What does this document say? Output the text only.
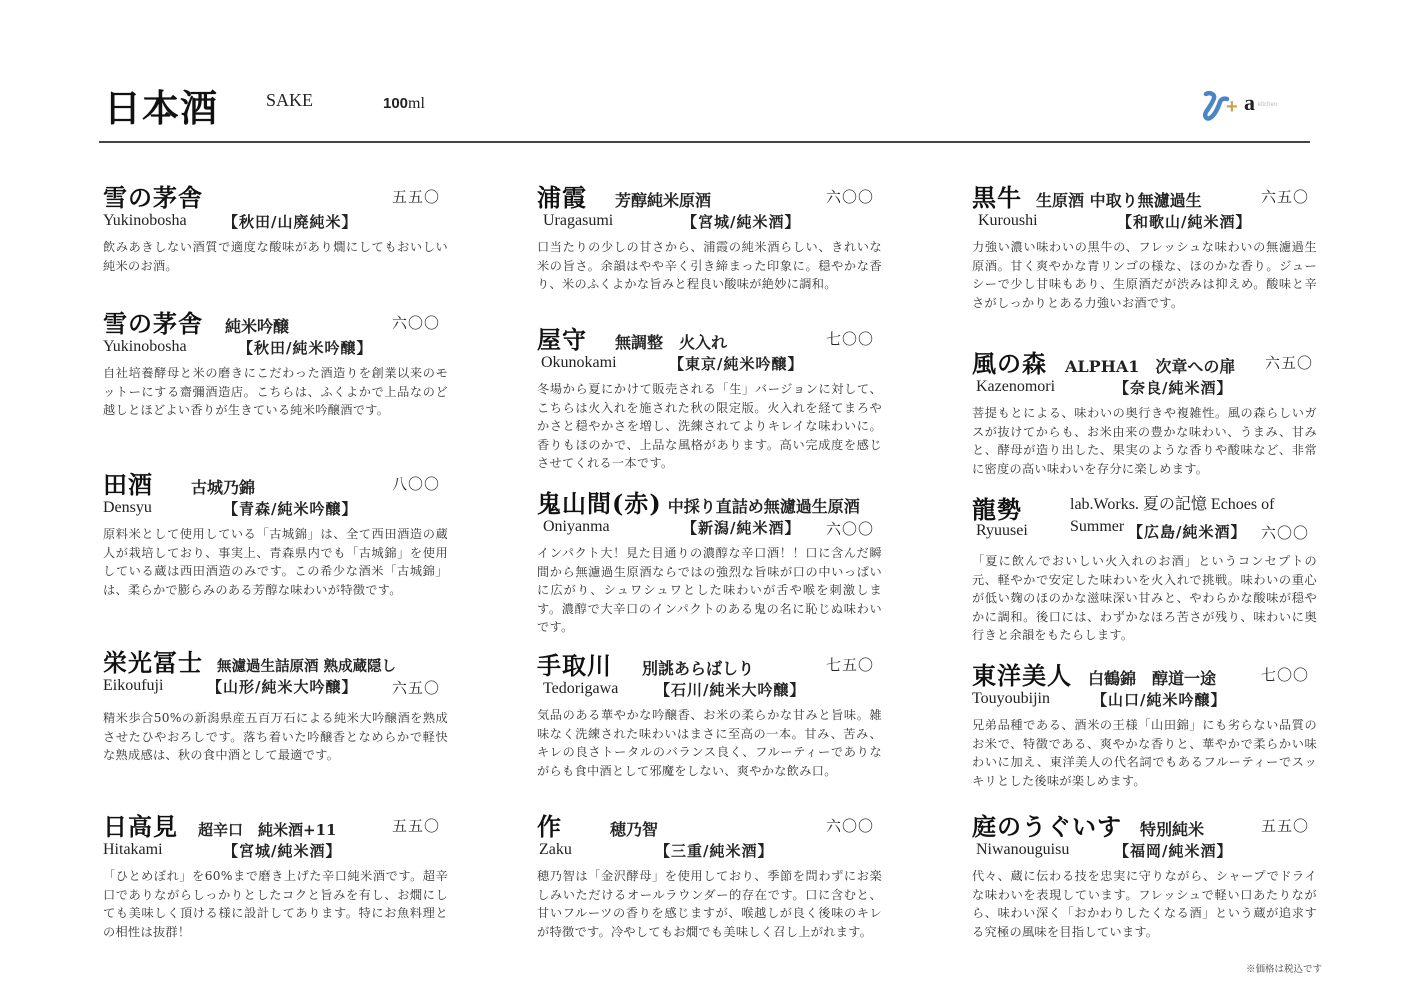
日本酒	SAKE	100ml	+ a kitchen
雪の茅舎	五五〇
Yukinobosha 【秋田/山廃純米】
飲みあきしない酒質で適度な酸味があり燗にしてもおいしい純米のお酒。
雪の茅舎 純米吟醸	六〇〇
Yukinobosha	【秋田/純米吟醸】
自社培養酵母と米の磨きにこだわった酒造りを創業以来のモットーにする齋彌酒造店。こちらは、ふくよかで上品なのど越しとほどよい香りが生きている純米吟醸酒です。
田酒 古城乃錦	八〇〇
Densyu	【青森/純米吟醸】
原料米として使用している「古城錦」は、全て西田酒造の蔵人が栽培しており、事実上、青森県内でも「古城錦」を使用している蔵は西田酒造のみです。この希少な酒米「古城錦」は、柔らかで膨らみのある芳醇な味わいが特徴です。
栄光冨士 無濾過生詰原酒 熟成蔵隠し
Eikoufuji	【山形/純米大吟醸】 六五〇
精米歩合50%の新潟県産五百万石による純米大吟醸酒を熟成させたひやおろしです。落ち着いた吟醸香となめらかで軽快な熟成感は、秋の食中酒として最適です。
日高見 超辛口　純米酒+11	五五〇
Hitakami	【宮城/純米酒】
「ひとめぼれ」を60%まで磨き上げた辛口純米酒です。超辛口でありながらしっかりとしたコクと旨みを有し、お燗にしても美味しく頂ける様に設計してあります。特にお魚料理との相性は抜群！
浦霞 芳醇純米原酒	六〇〇
Uragasumi	【宮城/純米酒】
口当たりの少しの甘さから、浦霞の純米酒らしい、きれいな米の旨さ。余韻はやや辛く引き締まった印象に。穏やかな香り、米のふくよかな旨みと程良い酸味が絶妙に調和。
屋守 無調整　火入れ	七〇〇
Okunokami	【東京/純米吟醸】
冬場から夏にかけて販売される「生」バージョンに対して、こちらは火入れを施された秋の限定版。火入れを経てまろやかさと穏やかさを増し、洗練されてよりキレイな味わいに。香りもほのかで、上品な風格があります。高い完成度を感じさせてくれる一本です。
鬼山間(赤) 中採り直詰め無濾過生原酒
Oniyanma	【新潟/純米酒】 六〇〇
インパクト大！見た目通りの濃醇な辛口酒！！口に含んだ瞬間から無濾過生原酒ならではの強烈な旨味が口の中いっぱいに広がり、シュワシュワとした味わいが舌や喉を刺激します。濃醇で大辛口のインパクトのある鬼の名に恥じぬ味わいです。
手取川 別誂あらばしり	七五〇
Tedorigawa 【石川/純米大吟醸】
気品のある華やかな吟醸香、お米の柔らかな甘みと旨味。雑味なく洗練された味わいはまさに至高の一本。甘み、苦み、キレの良さトータルのバランス良く、フルーティーでありながらも食中酒として邪魔をしない、爽やかな飲み口。
作	穂乃智	六〇〇
Zaku	【三重/純米酒】
穂乃智は「金沢酵母」を使用しており、季節を問わずにお楽しみいただけるオールラウンダー的存在です。口に含むと、甘いフルーツの香りを感じますが、喉越しが良く後味のキレが特徴です。冷やしてもお燗でも美味しく召し上がれます。
黒牛 生原酒 中取り無濾過生	六五〇
Kuroushi	【和歌山/純米酒】
力強い濃い味わいの黒牛の、フレッシュな味わいの無濾過生原酒。甘く爽やかな青リンゴの様な、ほのかな香り。ジューシーで少し甘味もあり、生原酒だが渋みは抑えめ。酸味と辛さがしっかりとある力強いお酒です。
風の森 ALPHA1　次章への扉 六五〇
Kazenomori	【奈良/純米酒】
菩提もとによる、味わいの奥行きや複雑性。風の森らしいガスが抜けてからも、お米由来の豊かな味わい、うまみ、甘みと、酵母が造り出した、果実のような香りや酸味など、非常に密度の高い味わいを存分に楽しめます。
龍勢	lab.Works. 夏の記憶 Echoes of Summer
Ryuusei	【広島/純米酒】 六〇〇
「夏に飲んでおいしい火入れのお酒」というコンセプトの元、軽やかで安定した味わいを火入れで挑戦。味わいの重心が低い麹のほのかな滋味深い甘みと、やわらかな酸味が穏やかに調和。後口には、わずかなほろ苦さが残り、味わいに奥行きと余韻をもたらします。
東洋美人 白鶴錦　醇道一途	七〇〇
Touyoubijin	【山口/純米吟醸】
兄弟品種である、酒米の王様「山田錦」にも劣らない品質のお米で、特徴である、爽やかな香りと、華やかで柔らかい味わいに加え、東洋美人の代名詞でもあるフルーティーでスッキリとした後味が楽しめます。
庭のうぐいす 特別純米	五五〇
Niwanouguisu	【福岡/純米酒】
代々、蔵に伝わる技を忠実に守りながら、シャープでドライな味わいを表現しています。フレッシュで軽い口あたりながら、味わい深く「おかわりしたくなる酒」という蔵が追求する究極の風味を目指しています。
※価格は税込です
